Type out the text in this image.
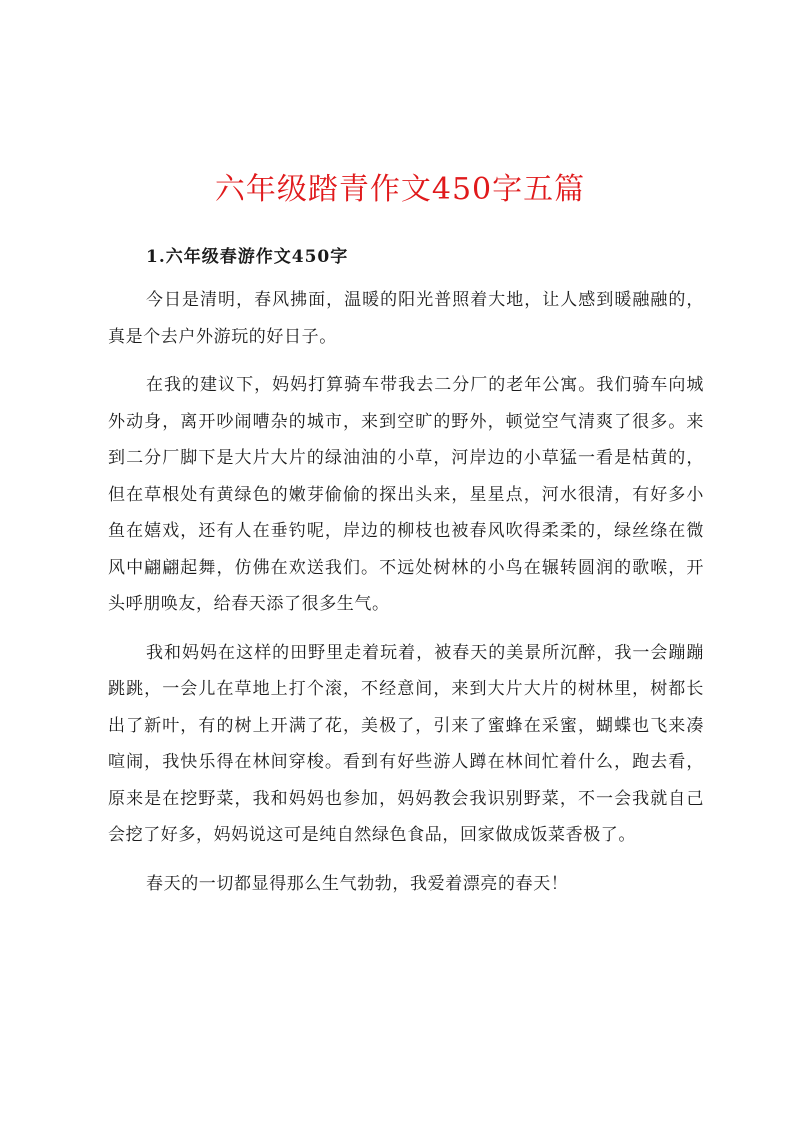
六年级踏青作文450字五篇
1.六年级春游作文450字

今日是清明，春风拂面，温暖的阳光普照着大地，让人感到暖融融的，真是个去户外游玩的好日子。

在我的建议下，妈妈打算骑车带我去二分厂的老年公寓。我们骑车向城外动身，离开吵闹嘈杂的城市，来到空旷的野外，顿觉空气清爽了很多。来到二分厂脚下是大片大片的绿油油的小草，河岸边的小草猛一看是枯黄的，但在草根处有黄绿色的嫩芽偷偷的探出头来，星星点，河水很清，有好多小鱼在嬉戏，还有人在垂钓呢，岸边的柳枝也被春风吹得柔柔的，绿丝绦在微风中翩翩起舞，仿佛在欢送我们。不远处树林的小鸟在辗转圆润的歌喉，开头呼朋唤友，给春天添了很多生气。

我和妈妈在这样的田野里走着玩着，被春天的美景所沉醉，我一会蹦蹦跳跳，一会儿在草地上打个滚，不经意间，来到大片大片的树林里，树都长出了新叶，有的树上开满了花，美极了，引来了蜜蜂在采蜜，蝴蝶也飞来凑喧闹，我快乐得在林间穿梭。看到有好些游人蹲在林间忙着什么，跑去看，原来是在挖野菜，我和妈妈也参加，妈妈教会我识别野菜，不一会我就自己会挖了好多，妈妈说这可是纯自然绿色食品，回家做成饭菜香极了。

春天的一切都显得那么生气勃勃，我爱着漂亮的春天！
